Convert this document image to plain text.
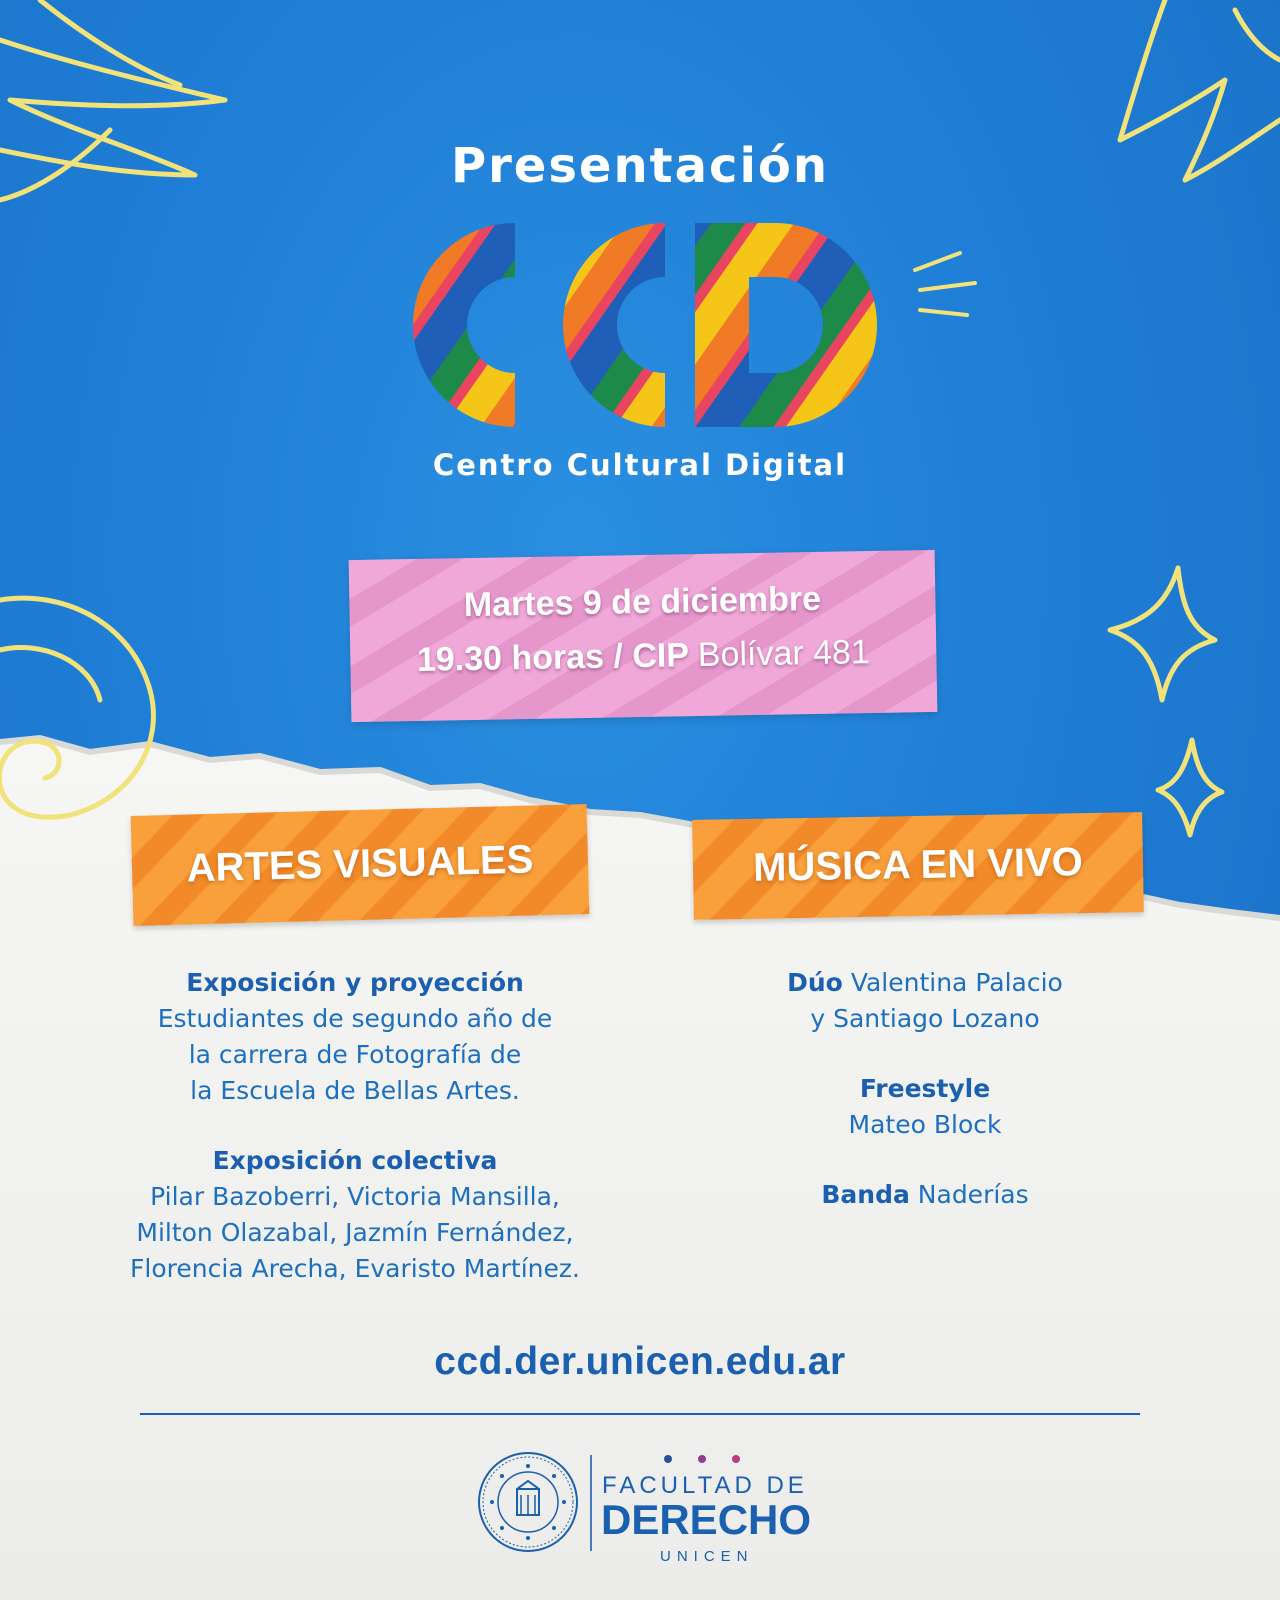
Presentación
Centro Cultural Digital
Martes 9 de diciembre
19.30 horas / CIP Bolívar 481
ARTES VISUALES	MÚSICA EN VIVO
Exposición y proyección
Estudiantes de segundo año de
la carrera de Fotografía de
la Escuela de Bellas Artes.
Exposición colectiva
Pilar Bazoberri, Victoria Mansilla,
Milton Olazabal, Jazmín Fernández,
Florencia Arecha, Evaristo Martínez.
Dúo Valentina Palacio
y Santiago Lozano
Freestyle
Mateo Block
Banda Naderías
ccd.der.unicen.edu.ar
FACULTAD DE
DERECHO
UNICEN
